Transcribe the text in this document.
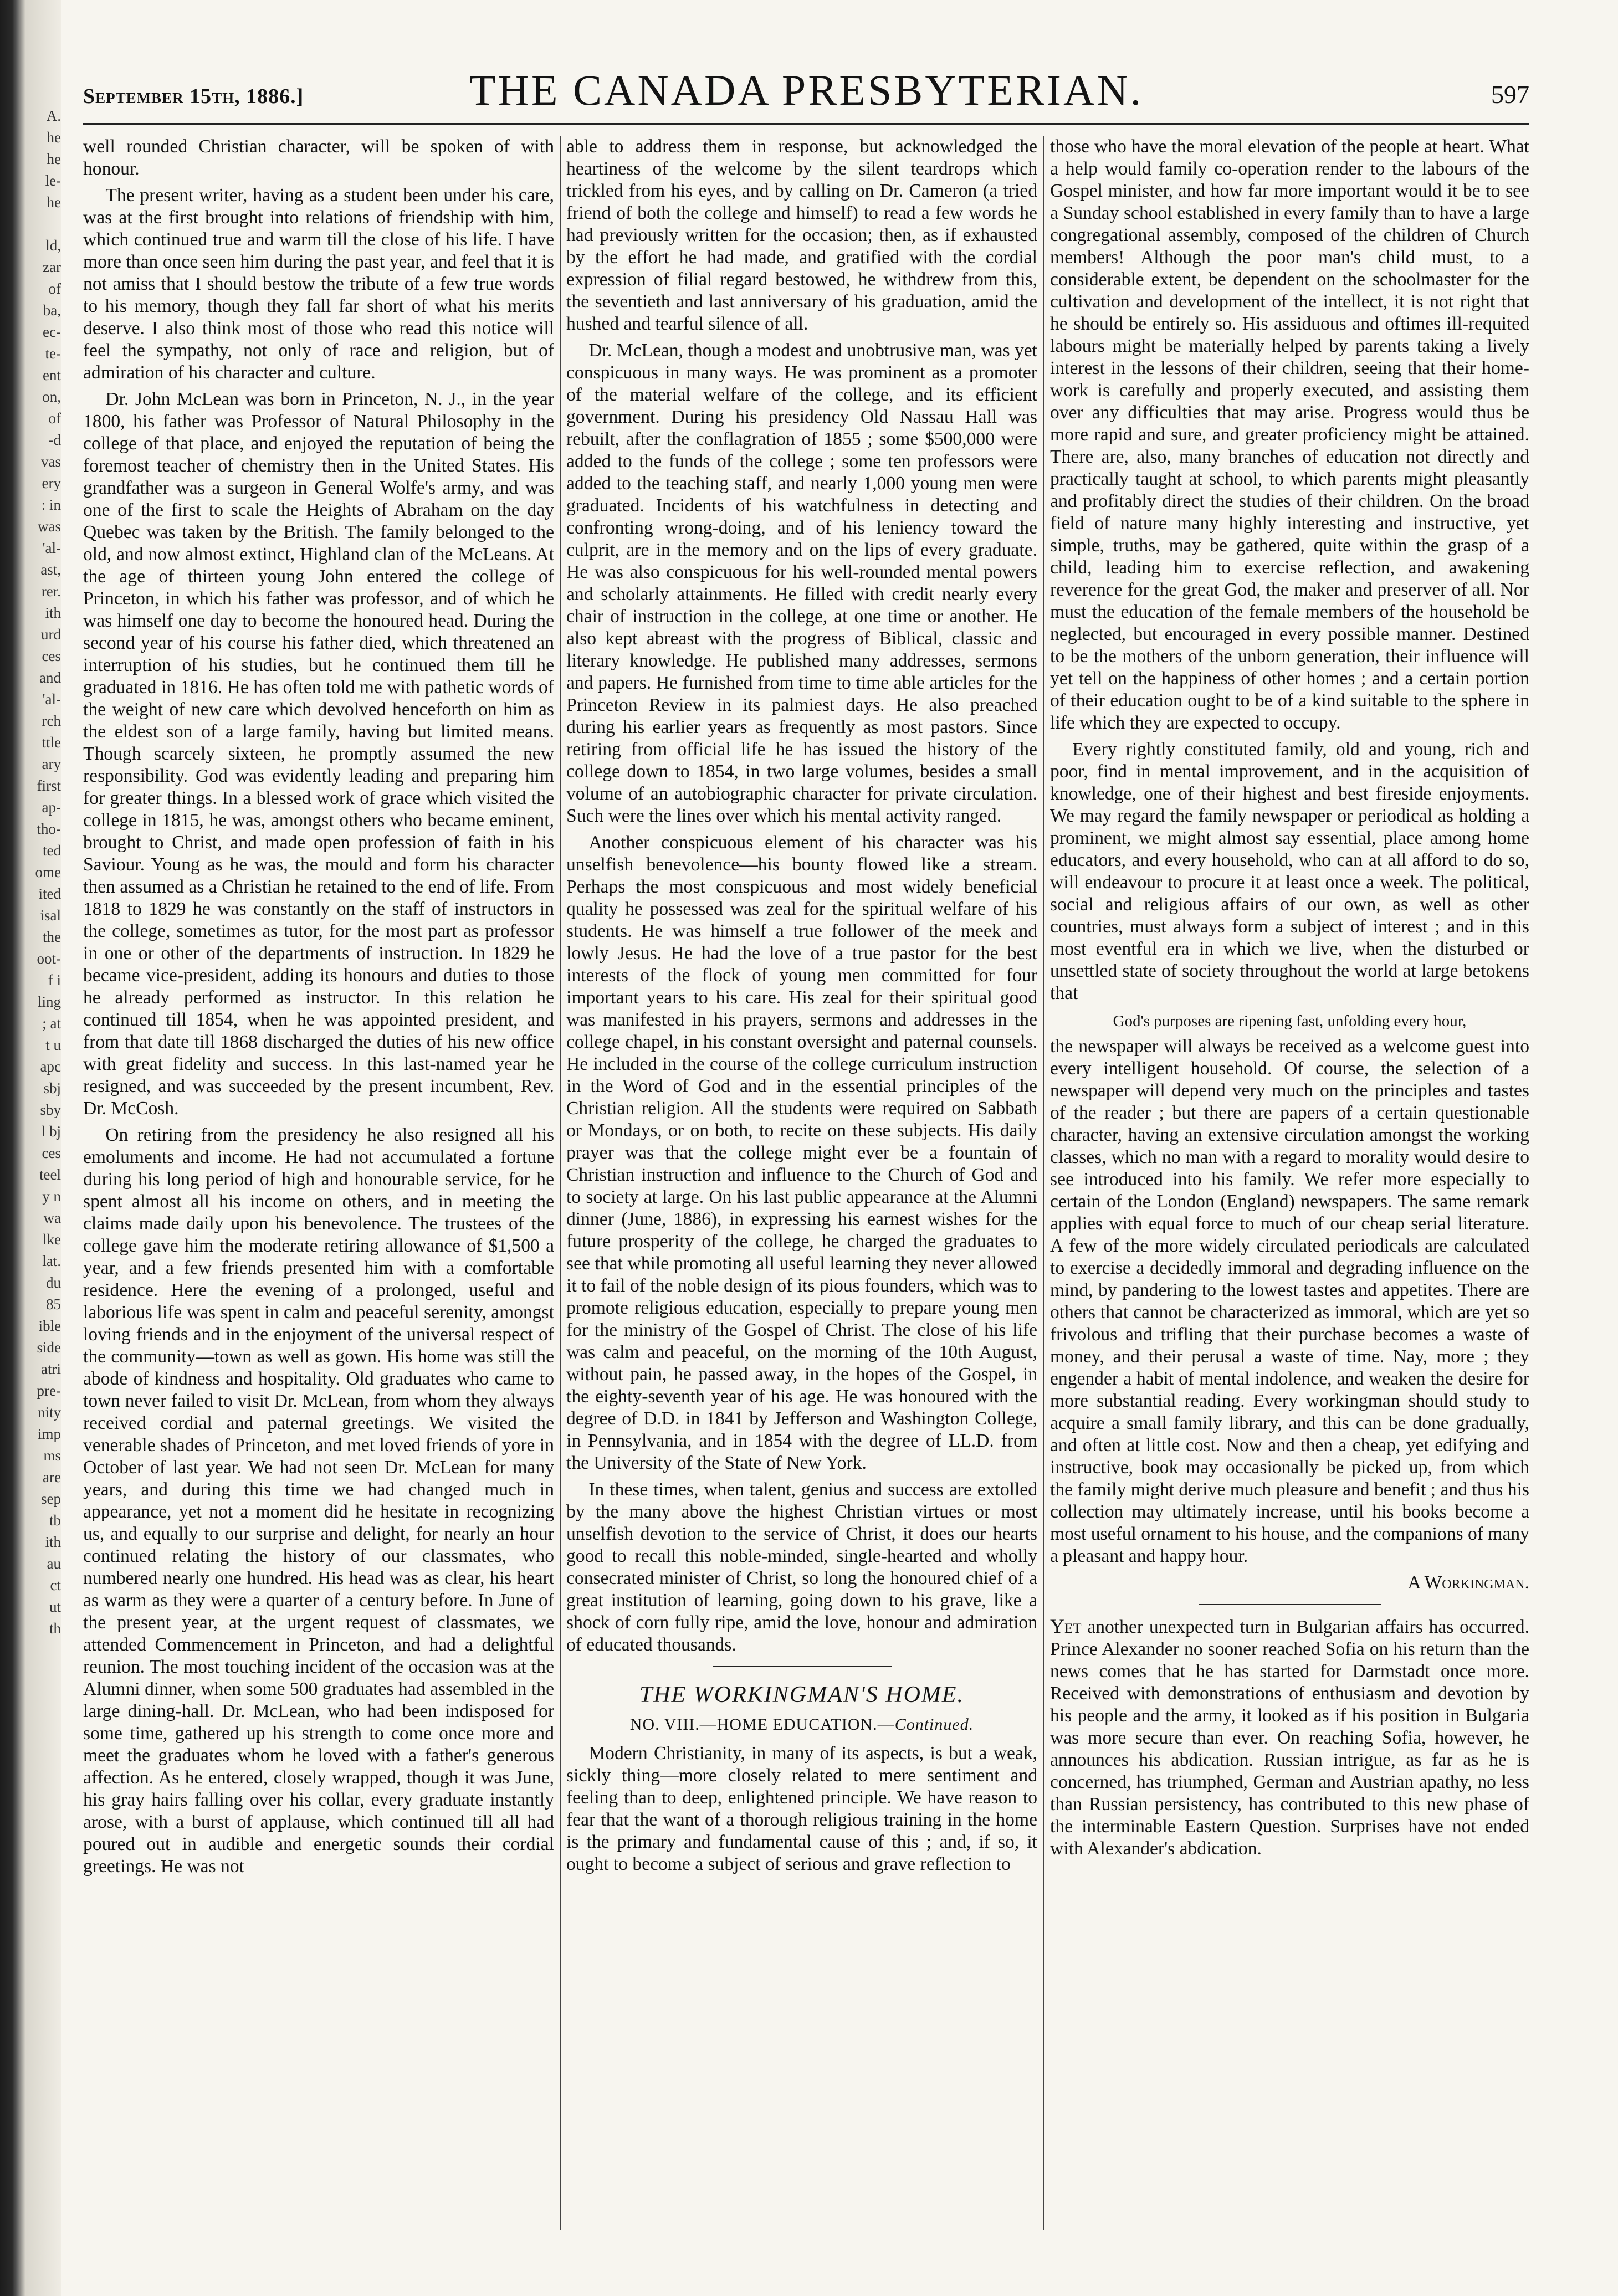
A.
he
he
le-
he
ld,
zar
of
ba,
ec-
te-
ent
on,
of
-d
vas
ery
: in
was
'al-
ast,
rer.
ith
urd
ces
and
'al-
rch
ttle
ary
first
ap-
tho-
ted
ome
ited
isal
the
oot-
f i
ling
; at
t u
apc
sbj
sby
l bj
ces
teel
y n
wa
lke
lat.
du
85
ible
side
atri
pre-
nity
imp
ms
are
sep
tb
ith
au
ct
ut
th
September 15th, 1886.]	THE CANADA PRESBYTERIAN.	597

well rounded Christian character, will be spoken of with honour.

The present writer, having as a student been under his care, was at the first brought into relations of friendship with him, which continued true and warm till the close of his life. I have more than once seen him during the past year, and feel that it is not amiss that I should bestow the tribute of a few true words to his memory, though they fall far short of what his merits deserve. I also think most of those who read this notice will feel the sympathy, not only of race and religion, but of admiration of his character and culture.

Dr. John McLean was born in Princeton, N. J., in the year 1800, his father was Professor of Natural Philosophy in the college of that place, and enjoyed the reputation of being the foremost teacher of chemistry then in the United States. His grandfather was a surgeon in General Wolfe's army, and was one of the first to scale the Heights of Abraham on the day Quebec was taken by the British. The family belonged to the old, and now almost extinct, Highland clan of the McLeans. At the age of thirteen young John entered the college of Princeton, in which his father was professor, and of which he was himself one day to become the honoured head. During the second year of his course his father died, which threatened an interruption of his studies, but he continued them till he graduated in 1816. He has often told me with pathetic words of the weight of new care which devolved henceforth on him as the eldest son of a large family, having but limited means. Though scarcely sixteen, he promptly assumed the new responsibility. God was evidently leading and preparing him for greater things. In a blessed work of grace which visited the college in 1815, he was, amongst others who became eminent, brought to Christ, and made open profession of faith in his Saviour. Young as he was, the mould and form his character then assumed as a Christian he retained to the end of life. From 1818 to 1829 he was constantly on the staff of instructors in the college, sometimes as tutor, for the most part as professor in one or other of the departments of instruction. In 1829 he became vice-president, adding its honours and duties to those he already performed as instructor. In this relation he continued till 1854, when he was appointed president, and from that date till 1868 discharged the duties of his new office with great fidelity and success. In this last-named year he resigned, and was succeeded by the present incumbent, Rev. Dr. McCosh.

On retiring from the presidency he also resigned all his emoluments and income. He had not accumulated a fortune during his long period of high and honourable service, for he spent almost all his income on others, and in meeting the claims made daily upon his benevolence. The trustees of the college gave him the moderate retiring allowance of $1,500 a year, and a few friends presented him with a comfortable residence. Here the evening of a prolonged, useful and laborious life was spent in calm and peaceful serenity, amongst loving friends and in the enjoyment of the universal respect of the community—town as well as gown. His home was still the abode of kindness and hospitality. Old graduates who came to town never failed to visit Dr. McLean, from whom they always received cordial and paternal greetings. We visited the venerable shades of Princeton, and met loved friends of yore in October of last year. We had not seen Dr. McLean for many years, and during this time we had changed much in appearance, yet not a moment did he hesitate in recognizing us, and equally to our surprise and delight, for nearly an hour continued relating the history of our classmates, who numbered nearly one hundred. His head was as clear, his heart as warm as they were a quarter of a century before. In June of the present year, at the urgent request of classmates, we attended Commencement in Princeton, and had a delightful reunion. The most touching incident of the occasion was at the Alumni dinner, when some 500 graduates had assembled in the large dining-hall. Dr. McLean, who had been indisposed for some time, gathered up his strength to come once more and meet the graduates whom he loved with a father's generous affection. As he entered, closely wrapped, though it was June, his gray hairs falling over his collar, every graduate instantly arose, with a burst of applause, which continued till all had poured out in audible and energetic sounds their cordial greetings. He was not

able to address them in response, but acknowledged the heartiness of the welcome by the silent teardrops which trickled from his eyes, and by calling on Dr. Cameron (a tried friend of both the college and himself) to read a few words he had previously written for the occasion; then, as if exhausted by the effort he had made, and gratified with the cordial expression of filial regard bestowed, he withdrew from this, the seventieth and last anniversary of his graduation, amid the hushed and tearful silence of all.

Dr. McLean, though a modest and unobtrusive man, was yet conspicuous in many ways. He was prominent as a promoter of the material welfare of the college, and its efficient government. During his presidency Old Nassau Hall was rebuilt, after the conflagration of 1855 ; some $500,000 were added to the funds of the college ; some ten professors were added to the teaching staff, and nearly 1,000 young men were graduated. Incidents of his watchfulness in detecting and confronting wrong-doing, and of his leniency toward the culprit, are in the memory and on the lips of every graduate. He was also conspicuous for his well-rounded mental powers and scholarly attainments. He filled with credit nearly every chair of instruction in the college, at one time or another. He also kept abreast with the progress of Biblical, classic and literary knowledge. He published many addresses, sermons and papers. He furnished from time to time able articles for the Princeton Review in its palmiest days. He also preached during his earlier years as frequently as most pastors. Since retiring from official life he has issued the history of the college down to 1854, in two large volumes, besides a small volume of an autobiographic character for private circulation. Such were the lines over which his mental activity ranged.

Another conspicuous element of his character was his unselfish benevolence—his bounty flowed like a stream. Perhaps the most conspicuous and most widely beneficial quality he possessed was zeal for the spiritual welfare of his students. He was himself a true follower of the meek and lowly Jesus. He had the love of a true pastor for the best interests of the flock of young men committed for four important years to his care. His zeal for their spiritual good was manifested in his prayers, sermons and addresses in the college chapel, in his constant oversight and paternal counsels. He included in the course of the college curriculum instruction in the Word of God and in the essential principles of the Christian religion. All the students were required on Sabbath or Mondays, or on both, to recite on these subjects. His daily prayer was that the college might ever be a fountain of Christian instruction and influence to the Church of God and to society at large. On his last public appearance at the Alumni dinner (June, 1886), in expressing his earnest wishes for the future prosperity of the college, he charged the graduates to see that while promoting all useful learning they never allowed it to fail of the noble design of its pious founders, which was to promote religious education, especially to prepare young men for the ministry of the Gospel of Christ. The close of his life was calm and peaceful, on the morning of the 10th August, without pain, he passed away, in the hopes of the Gospel, in the eighty-seventh year of his age. He was honoured with the degree of D.D. in 1841 by Jefferson and Washington College, in Pennsylvania, and in 1854 with the degree of LL.D. from the University of the State of New York.

In these times, when talent, genius and success are extolled by the many above the highest Christian virtues or most unselfish devotion to the service of Christ, it does our hearts good to recall this noble-minded, single-hearted and wholly consecrated minister of Christ, so long the honoured chief of a great institution of learning, going down to his grave, like a shock of corn fully ripe, amid the love, honour and admiration of educated thousands.

THE WORKINGMAN'S HOME.
NO. VIII.—HOME EDUCATION.—Continued.

Modern Christianity, in many of its aspects, is but a weak, sickly thing—more closely related to mere sentiment and feeling than to deep, enlightened principle. We have reason to fear that the want of a thorough religious training in the home is the primary and fundamental cause of this ; and, if so, it ought to become a subject of serious and grave reflection to

those who have the moral elevation of the people at heart. What a help would family co-operation render to the labours of the Gospel minister, and how far more important would it be to see a Sunday school established in every family than to have a large congregational assembly, composed of the children of Church members! Although the poor man's child must, to a considerable extent, be dependent on the schoolmaster for the cultivation and development of the intellect, it is not right that he should be entirely so. His assiduous and oftimes ill-requited labours might be materially helped by parents taking a lively interest in the lessons of their children, seeing that their home-work is carefully and properly executed, and assisting them over any difficulties that may arise. Progress would thus be more rapid and sure, and greater proficiency might be attained. There are, also, many branches of education not directly and practically taught at school, to which parents might pleasantly and profitably direct the studies of their children. On the broad field of nature many highly interesting and instructive, yet simple, truths, may be gathered, quite within the grasp of a child, leading him to exercise reflection, and awakening reverence for the great God, the maker and preserver of all. Nor must the education of the female members of the household be neglected, but encouraged in every possible manner. Destined to be the mothers of the unborn generation, their influence will yet tell on the happiness of other homes ; and a certain portion of their education ought to be of a kind suitable to the sphere in life which they are expected to occupy.

Every rightly constituted family, old and young, rich and poor, find in mental improvement, and in the acquisition of knowledge, one of their highest and best fireside enjoyments. We may regard the family newspaper or periodical as holding a prominent, we might almost say essential, place among home educators, and every household, who can at all afford to do so, will endeavour to procure it at least once a week. The political, social and religious affairs of our own, as well as other countries, must always form a subject of interest ; and in this most eventful era in which we live, when the disturbed or unsettled state of society throughout the world at large betokens that

God's purposes are ripening fast, unfolding every hour,

the newspaper will always be received as a welcome guest into every intelligent household. Of course, the selection of a newspaper will depend very much on the principles and tastes of the reader ; but there are papers of a certain questionable character, having an extensive circulation amongst the working classes, which no man with a regard to morality would desire to see introduced into his family. We refer more especially to certain of the London (England) newspapers. The same remark applies with equal force to much of our cheap serial literature. A few of the more widely circulated periodicals are calculated to exercise a decidedly immoral and degrading influence on the mind, by pandering to the lowest tastes and appetites. There are others that cannot be characterized as immoral, which are yet so frivolous and trifling that their purchase becomes a waste of money, and their perusal a waste of time. Nay, more ; they engender a habit of mental indolence, and weaken the desire for more substantial reading. Every workingman should study to acquire a small family library, and this can be done gradually, and often at little cost. Now and then a cheap, yet edifying and instructive, book may occasionally be picked up, from which the family might derive much pleasure and benefit ; and thus his collection may ultimately increase, until his books become a most useful ornament to his house, and the companions of many a pleasant and happy hour.

A Workingman.

Yet another unexpected turn in Bulgarian affairs has occurred. Prince Alexander no sooner reached Sofia on his return than the news comes that he has started for Darmstadt once more. Received with demonstrations of enthusiasm and devotion by his people and the army, it looked as if his position in Bulgaria was more secure than ever. On reaching Sofia, however, he announces his abdication. Russian intrigue, as far as he is concerned, has triumphed, German and Austrian apathy, no less than Russian persistency, has contributed to this new phase of the interminable Eastern Question. Surprises have not ended with Alexander's abdication.
